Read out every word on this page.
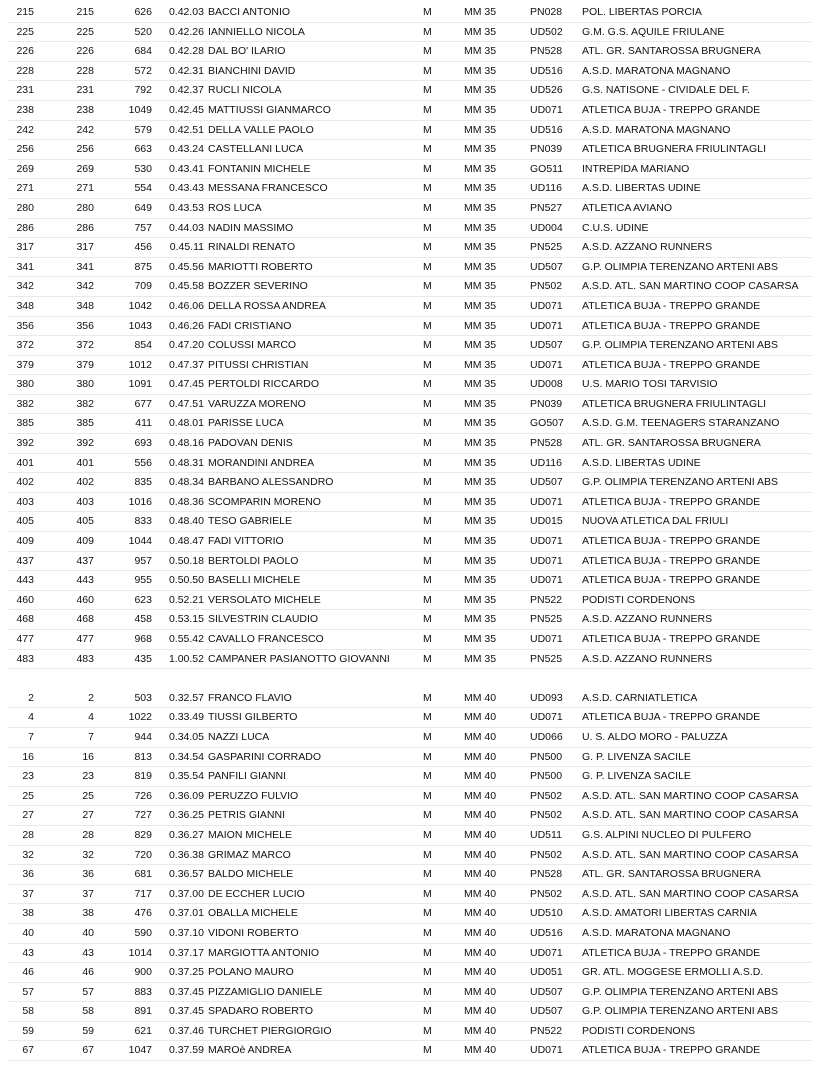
215	215	626	0.42.03 BACCI ANTONIO	M	MM 35	PN028	POL. LIBERTAS PORCIA
225	225	520	0.42.26 IANNIELLO NICOLA	M	MM 35	UD502	G.M. G.S. AQUILE FRIULANE
226	226	684	0.42.28 DAL BO' ILARIO	M	MM 35	PN528	ATL. GR. SANTAROSSA BRUGNERA
228	228	572	0.42.31 BIANCHINI DAVID	M	MM 35	UD516	A.S.D. MARATONA MAGNANO
231	231	792	0.42.37 RUCLI NICOLA	M	MM 35	UD526	G.S. NATISONE - CIVIDALE DEL F.
238	238	1049	0.42.45 MATTIUSSI GIANMARCO	M	MM 35	UD071	ATLETICA BUJA - TREPPO GRANDE
242	242	579	0.42.51 DELLA VALLE PAOLO	M	MM 35	UD516	A.S.D. MARATONA MAGNANO
256	256	663	0.43.24 CASTELLANI LUCA	M	MM 35	PN039	ATLETICA BRUGNERA FRIULINTAGLI
269	269	530	0.43.41 FONTANIN MICHELE	M	MM 35	GO511	INTREPIDA MARIANO
271	271	554	0.43.43 MESSANA FRANCESCO	M	MM 35	UD116	A.S.D. LIBERTAS UDINE
280	280	649	0.43.53 ROS LUCA	M	MM 35	PN527	ATLETICA AVIANO
286	286	757	0.44.03 NADIN MASSIMO	M	MM 35	UD004	C.U.S. UDINE
317	317	456	0.45.11 RINALDI RENATO	M	MM 35	PN525	A.S.D. AZZANO RUNNERS
341	341	875	0.45.56 MARIOTTI ROBERTO	M	MM 35	UD507	G.P. OLIMPIA TERENZANO ARTENI ABS
342	342	709	0.45.58 BOZZER SEVERINO	M	MM 35	PN502	A.S.D. ATL. SAN MARTINO COOP CASARSA
348	348	1042	0.46.06 DELLA ROSSA ANDREA	M	MM 35	UD071	ATLETICA BUJA - TREPPO GRANDE
356	356	1043	0.46.26 FADI CRISTIANO	M	MM 35	UD071	ATLETICA BUJA - TREPPO GRANDE
372	372	854	0.47.20 COLUSSI MARCO	M	MM 35	UD507	G.P. OLIMPIA TERENZANO ARTENI ABS
379	379	1012	0.47.37 PITUSSI CHRISTIAN	M	MM 35	UD071	ATLETICA BUJA - TREPPO GRANDE
380	380	1091	0.47.45 PERTOLDI RICCARDO	M	MM 35	UD008	U.S. MARIO TOSI TARVISIO
382	382	677	0.47.51 VARUZZA MORENO	M	MM 35	PN039	ATLETICA BRUGNERA FRIULINTAGLI
385	385	411	0.48.01 PARISSE LUCA	M	MM 35	GO507	A.S.D. G.M. TEENAGERS STARANZANO
392	392	693	0.48.16 PADOVAN DENIS	M	MM 35	PN528	ATL. GR. SANTAROSSA BRUGNERA
401	401	556	0.48.31 MORANDINI ANDREA	M	MM 35	UD116	A.S.D. LIBERTAS UDINE
402	402	835	0.48.34 BARBANO ALESSANDRO	M	MM 35	UD507	G.P. OLIMPIA TERENZANO ARTENI ABS
403	403	1016	0.48.36 SCOMPARIN MORENO	M	MM 35	UD071	ATLETICA BUJA - TREPPO GRANDE
405	405	833	0.48.40 TESO GABRIELE	M	MM 35	UD015	NUOVA ATLETICA DAL FRIULI
409	409	1044	0.48.47 FADI VITTORIO	M	MM 35	UD071	ATLETICA BUJA - TREPPO GRANDE
437	437	957	0.50.18 BERTOLDI PAOLO	M	MM 35	UD071	ATLETICA BUJA - TREPPO GRANDE
443	443	955	0.50.50 BASELLI MICHELE	M	MM 35	UD071	ATLETICA BUJA - TREPPO GRANDE
460	460	623	0.52.21 VERSOLATO MICHELE	M	MM 35	PN522	PODISTI CORDENONS
468	468	458	0.53.15 SILVESTRIN CLAUDIO	M	MM 35	PN525	A.S.D. AZZANO RUNNERS
477	477	968	0.55.42 CAVALLO FRANCESCO	M	MM 35	UD071	ATLETICA BUJA - TREPPO GRANDE
483	483	435	1.00.52 CAMPANER PASIANOTTO GIOVANNI	M	MM 35	PN525	A.S.D. AZZANO RUNNERS
2	2	503	0.32.57 FRANCO FLAVIO	M	MM 40	UD093	A.S.D. CARNIATLETICA
4	4	1022	0.33.49 TIUSSI GILBERTO	M	MM 40	UD071	ATLETICA BUJA - TREPPO GRANDE
7	7	944	0.34.05 NAZZI LUCA	M	MM 40	UD066	U. S. ALDO MORO - PALUZZA
16	16	813	0.34.54 GASPARINI CORRADO	M	MM 40	PN500	G. P. LIVENZA SACILE
23	23	819	0.35.54 PANFILI GIANNI	M	MM 40	PN500	G. P. LIVENZA SACILE
25	25	726	0.36.09 PERUZZO FULVIO	M	MM 40	PN502	A.S.D. ATL. SAN MARTINO COOP CASARSA
27	27	727	0.36.25 PETRIS GIANNI	M	MM 40	PN502	A.S.D. ATL. SAN MARTINO COOP CASARSA
28	28	829	0.36.27 MAION MICHELE	M	MM 40	UD511	G.S. ALPINI NUCLEO DI PULFERO
32	32	720	0.36.38 GRIMAZ MARCO	M	MM 40	PN502	A.S.D. ATL. SAN MARTINO COOP CASARSA
36	36	681	0.36.57 BALDO MICHELE	M	MM 40	PN528	ATL. GR. SANTAROSSA BRUGNERA
37	37	717	0.37.00 DE ECCHER LUCIO	M	MM 40	PN502	A.S.D. ATL. SAN MARTINO COOP CASARSA
38	38	476	0.37.01 OBALLA MICHELE	M	MM 40	UD510	A.S.D. AMATORI LIBERTAS CARNIA
40	40	590	0.37.10 VIDONI ROBERTO	M	MM 40	UD516	A.S.D. MARATONA MAGNANO
43	43	1014	0.37.17 MARGIOTTA ANTONIO	M	MM 40	UD071	ATLETICA BUJA - TREPPO GRANDE
46	46	900	0.37.25 POLANO MAURO	M	MM 40	UD051	GR. ATL. MOGGESE ERMOLLI A.S.D.
57	57	883	0.37.45 PIZZAMIGLIO DANIELE	M	MM 40	UD507	G.P. OLIMPIA TERENZANO ARTENI ABS
58	58	891	0.37.45 SPADARO ROBERTO	M	MM 40	UD507	G.P. OLIMPIA TERENZANO ARTENI ABS
59	59	621	0.37.46 TURCHET PIERGIORGIO	M	MM 40	PN522	PODISTI CORDENONS
67	67	1047	0.37.59 MAROè ANDREA	M	MM 40	UD071	ATLETICA BUJA - TREPPO GRANDE
